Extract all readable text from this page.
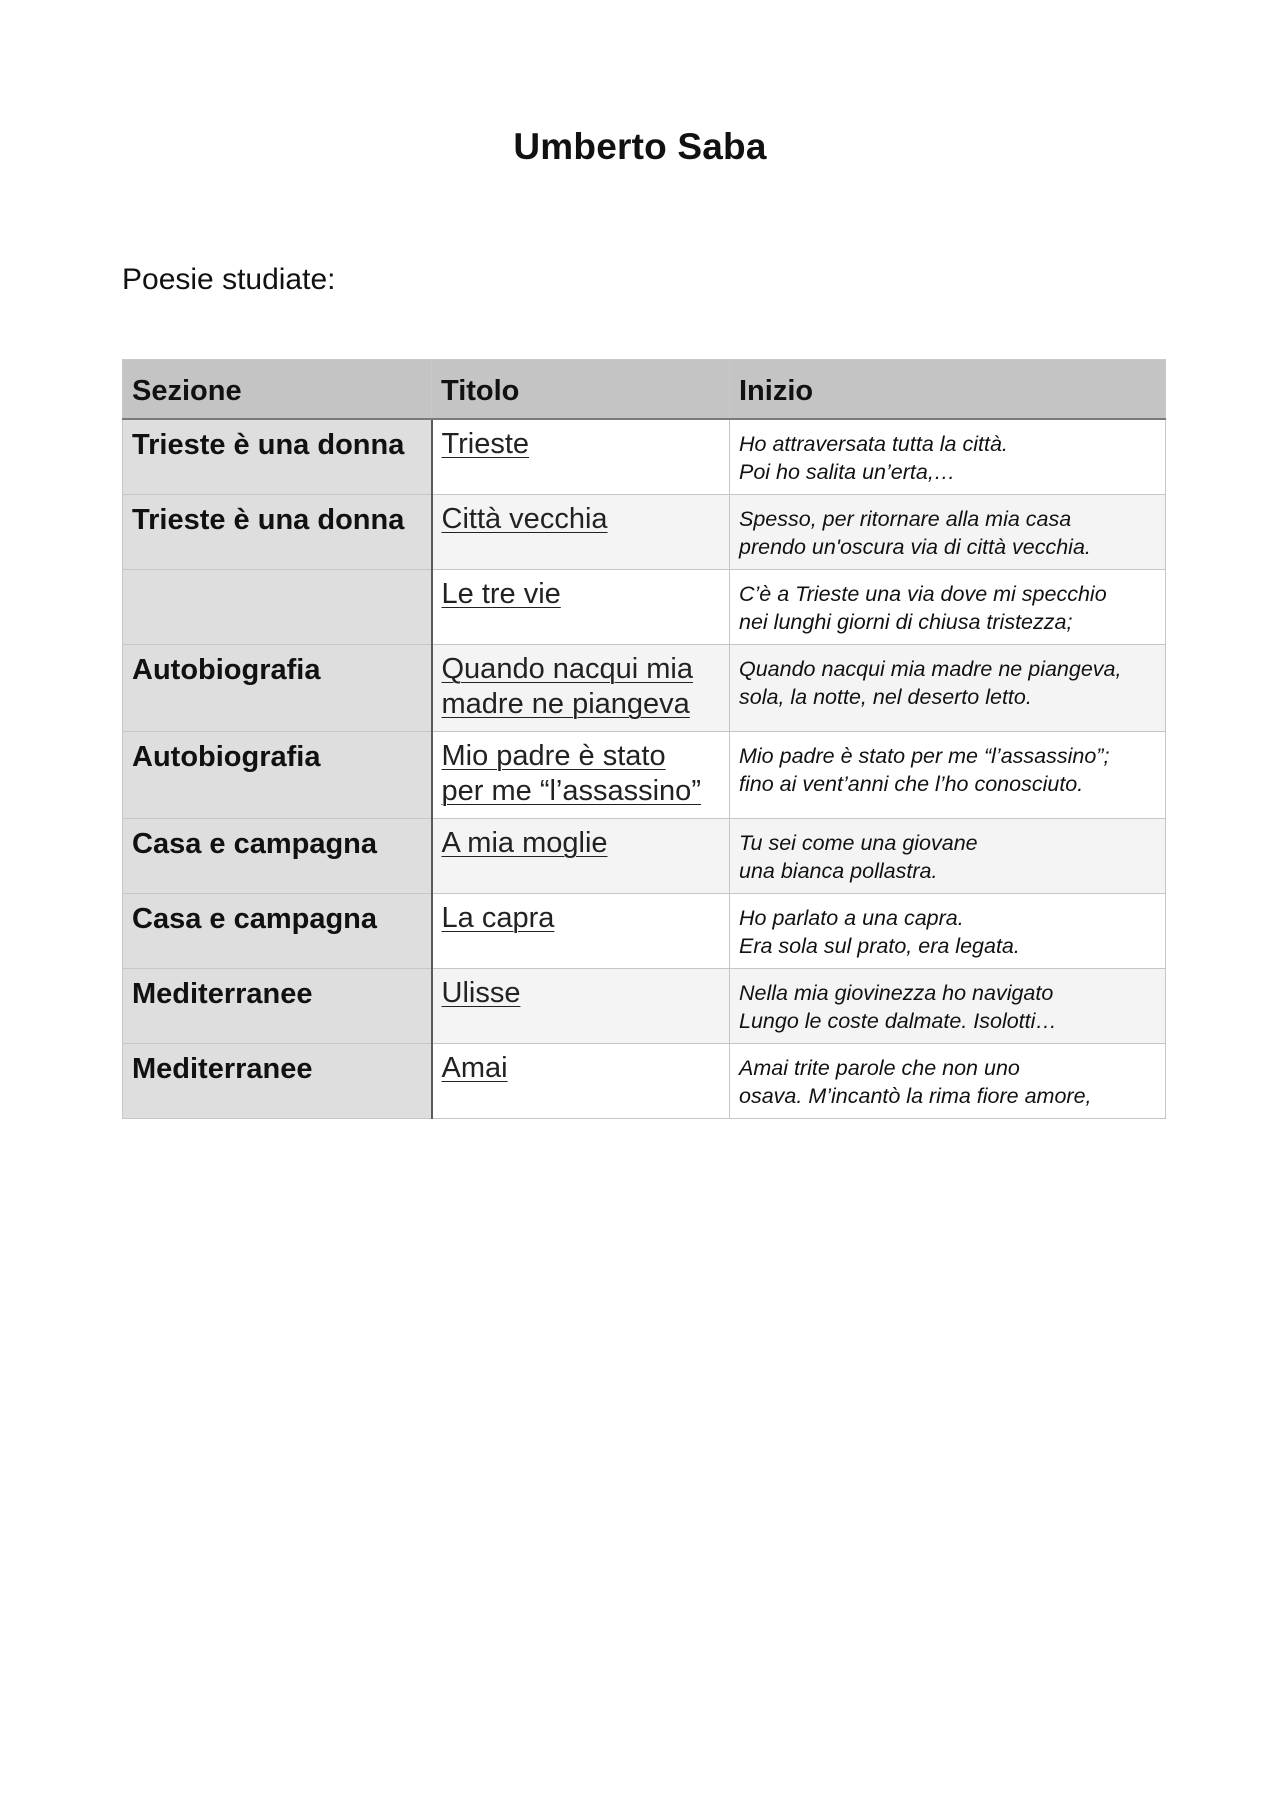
Umberto Saba

Poesie studiate:

Sezione	Titolo	Inizio
Trieste è una donna	Trieste	Ho attraversata tutta la città.
Poi ho salita un’erta,…

Trieste è una donna	Città vecchia	Spesso, per ritornare alla mia casa
prendo un'oscura via di città vecchia.

	Le tre vie	C’è a Trieste una via dove mi specchio
nei lunghi giorni di chiusa tristezza;

Autobiografia	Quando nacqui mia
madre ne piangeva	Quando nacqui mia madre ne piangeva,
sola, la notte, nel deserto letto.

Autobiografia	Mio padre è stato
per me “l’assassino”	Mio padre è stato per me “l’assassino”;
fino ai vent’anni che l’ho conosciuto.

Casa e campagna	A mia moglie	Tu sei come una giovane
una bianca pollastra.

Casa e campagna	La capra	Ho parlato a una capra.
Era sola sul prato, era legata.

Mediterranee	Ulisse	Nella mia giovinezza ho navigato
Lungo le coste dalmate. Isolotti…

Mediterranee	Amai	Amai trite parole che non uno
osava. M’incantò la rima fiore amore,
